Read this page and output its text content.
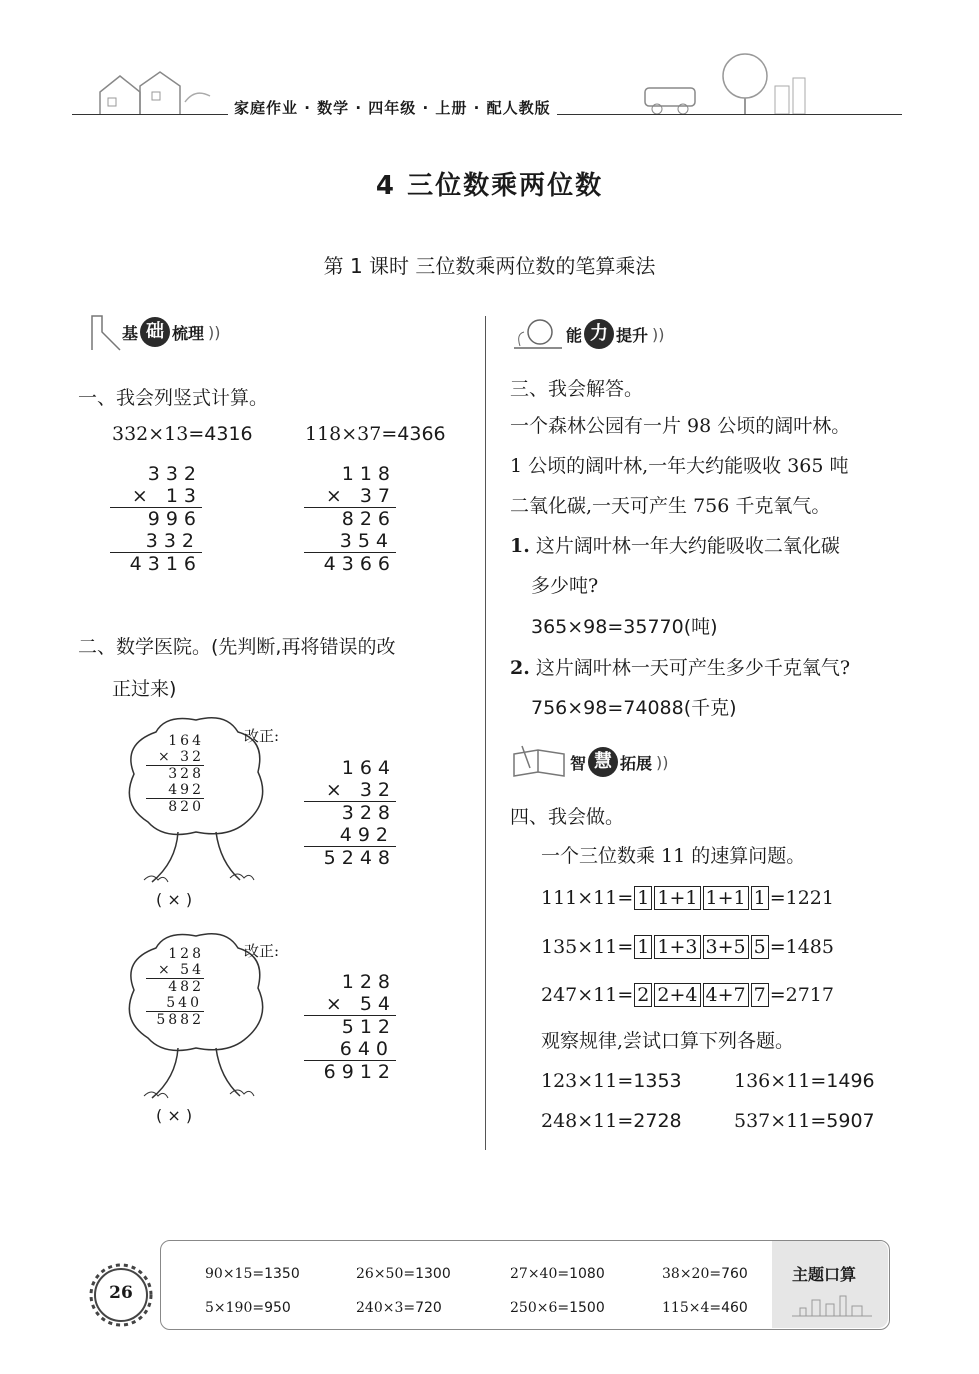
家庭作业 · 数学 · 四年级 · 上册 · 配人教版
4 三位数乘两位数
第 1 课时 三位数乘两位数的笔算乘法
基 础 梳理 ))
一、我会列竖式计算。
332×13=4316	118×37=4366
332
× 13
996
332
4316
118
× 37
826
354
4366
二、数学医院。(先判断,再将错误的改
正过来)
164
× 32
328
492
820
( × )
改正:
164
× 32
328
492
5248
128
× 54
482
540
5882
( × )
改正:
128
× 54
512
640
6912
能 力 提升 ))
三、我会解答。
一个森林公园有一片 98 公顷的阔叶林。
1 公顷的阔叶林,一年大约能吸收 365 吨
二氧化碳,一天可产生 756 千克氧气。
1. 这片阔叶林一年大约能吸收二氧化碳
多少吨?
365×98=35770(吨)
2. 这片阔叶林一天可产生多少千克氧气?
756×98=74088(千克)
智 慧 拓展 ))
四、我会做。
一个三位数乘 11 的速算问题。
111×11= 1 1+1 1+1 1 =1221
135×11= 1 1+3 3+5 5 =1485
247×11= 2 2+4 4+7 7 =2717
观察规律,尝试口算下列各题。
123×11=1353	136×11=1496
248×11=2728	537×11=5907
26
90×15=1350	26×50=1300	27×40=1080	38×20=760
5×190=950	240×3=720	250×6=1500	115×4=460
主题口算
